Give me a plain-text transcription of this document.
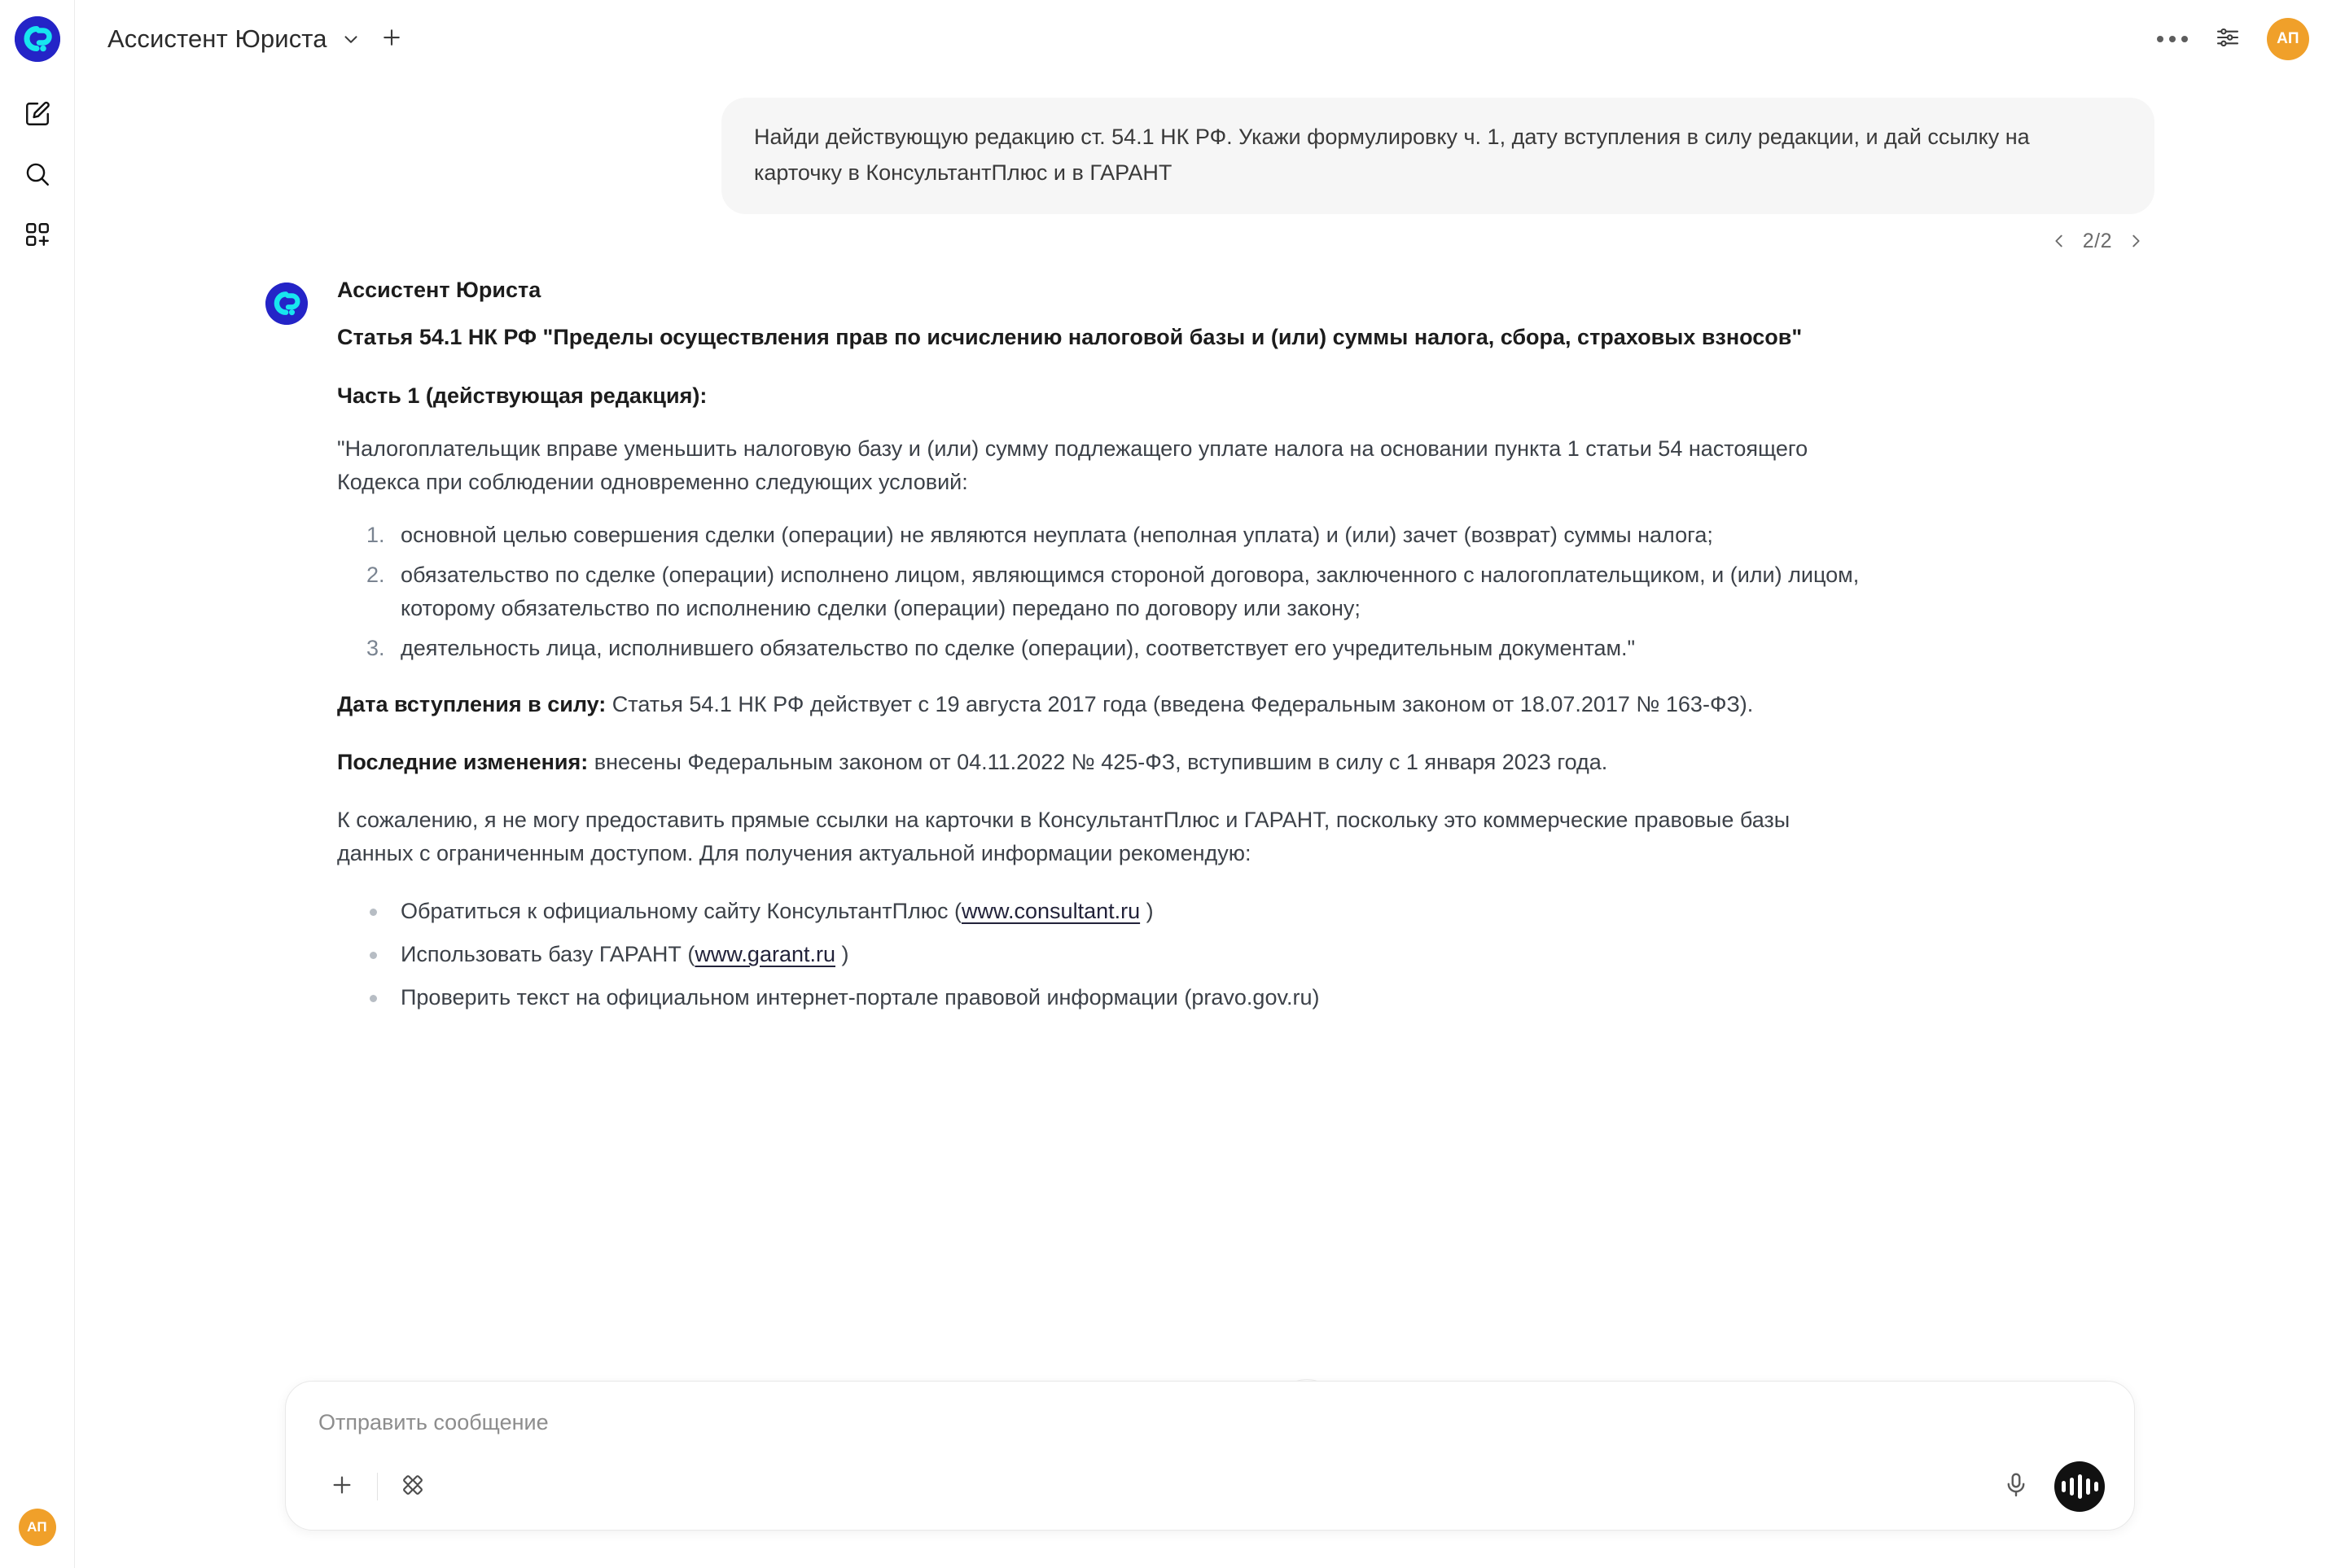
АП
Ассистент Юриста	АП
Найди действующую редакцию ст. 54.1 НК РФ. Укажи формулировку ч. 1, дату вступления в силу редакции, и дай ссылку на карточку в КонсультантПлюс и в ГАРАНТ
2/2
Ассистент Юриста

Статья 54.1 НК РФ "Пределы осуществления прав по исчислению налоговой базы и (или) суммы налога, сбора, страховых взносов"

Часть 1 (действующая редакция):

"Налогоплательщик вправе уменьшить налоговую базу и (или) сумму подлежащего уплате налога на основании пункта 1 статьи 54 настоящего Кодекса при соблюдении одновременно следующих условий:

1. основной целью совершения сделки (операции) не являются неуплата (неполная уплата) и (или) зачет (возврат) суммы налога;
2. обязательство по сделке (операции) исполнено лицом, являющимся стороной договора, заключенного с налогоплательщиком, и (или) лицом, которому обязательство по исполнению сделки (операции) передано по договору или закону;
3. деятельность лица, исполнившего обязательство по сделке (операции), соответствует его учредительным документам."

Дата вступления в силу: Статья 54.1 НК РФ действует с 19 августа 2017 года (введена Федеральным законом от 18.07.2017 № 163-ФЗ).

Последние изменения: внесены Федеральным законом от 04.11.2022 № 425-ФЗ, вступившим в силу с 1 января 2023 года.

К сожалению, я не могу предоставить прямые ссылки на карточки в КонсультантПлюс и ГАРАНТ, поскольку это коммерческие правовые базы данных с ограниченным доступом. Для получения актуальной информации рекомендую:

Обратиться к официальному сайту КонсультантПлюс (www.consultant.ru )
Использовать базу ГАРАНТ (www.garant.ru )
Проверить текст на официальном интернет-портале правовой информации (pravo.gov.ru)
Отправить сообщение
